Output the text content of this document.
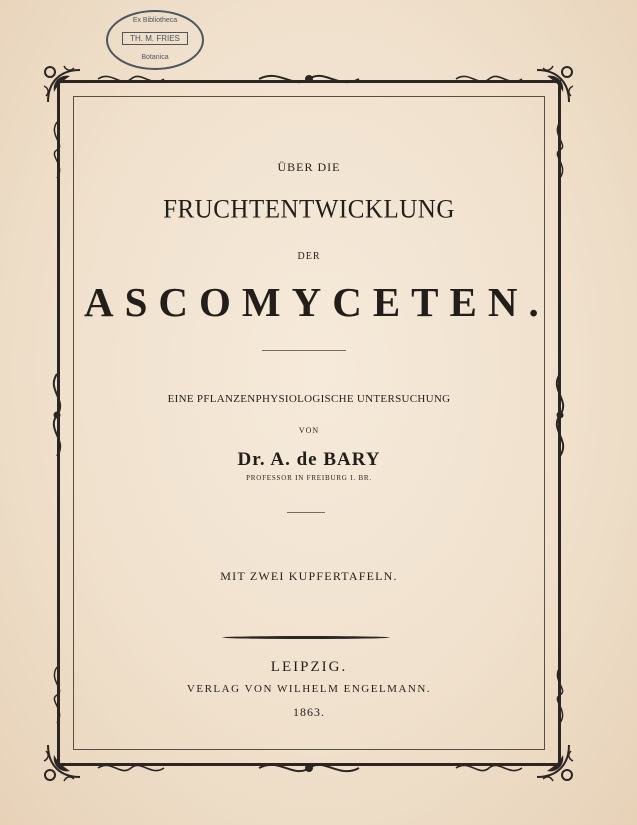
Ex Bibliotheca
TH. M. FRIES
Botanica
ÜBER DIE
FRUCHTENTWICKLUNG
DER
ASCOMYCETEN.
EINE PFLANZENPHYSIOLOGISCHE UNTERSUCHUNG
VON
Dr. A. de BARY
PROFESSOR IN FREIBURG I. BR.
MIT ZWEI KUPFERTAFELN.
LEIPZIG.
VERLAG VON WILHELM ENGELMANN.
1863.
